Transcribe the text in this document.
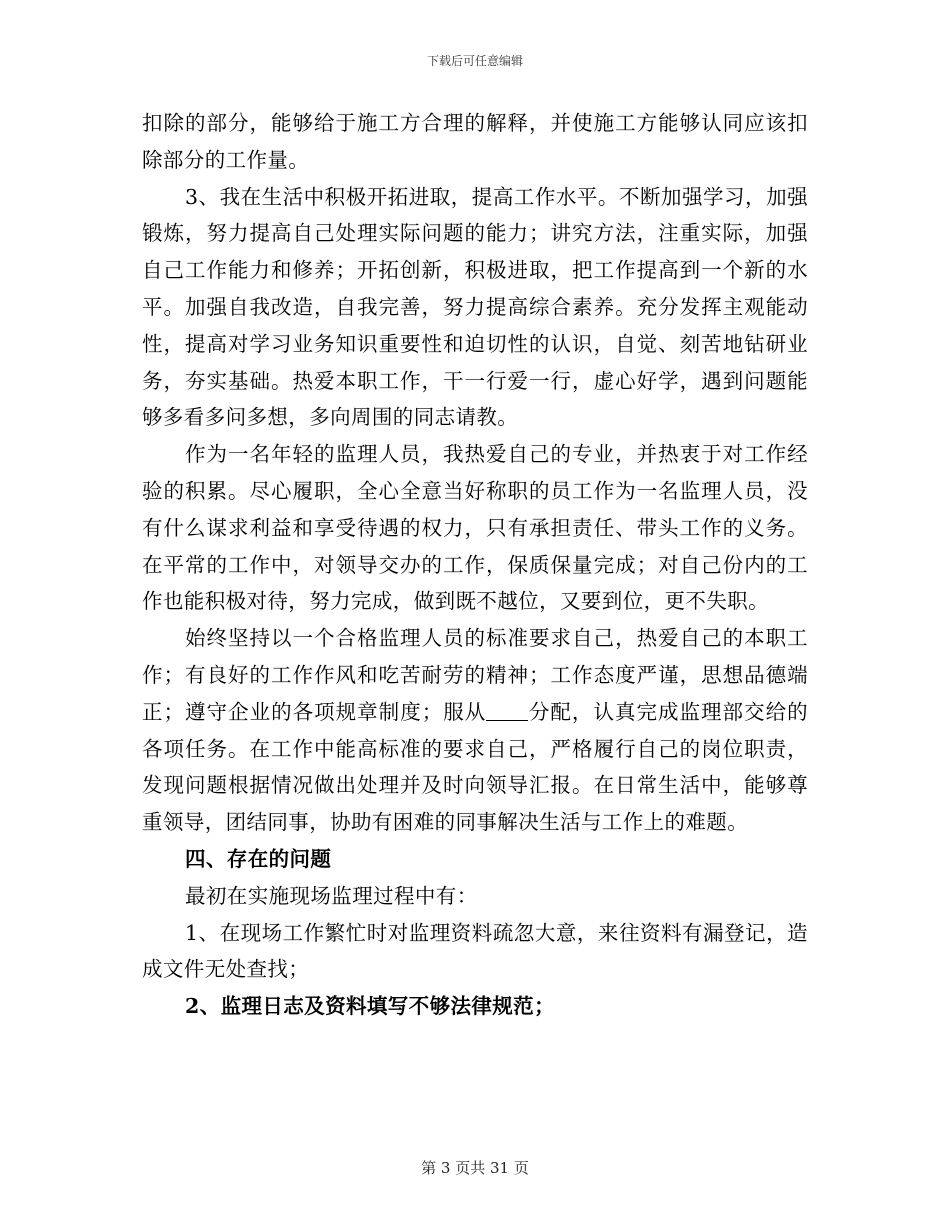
下载后可任意编辑

扣除的部分，能够给于施工方合理的解释，并使施工方能够认同应该扣除部分的工作量。

3、我在生活中积极开拓进取，提高工作水平。不断加强学习，加强锻炼，努力提高自己处理实际问题的能力；讲究方法，注重实际，加强自己工作能力和修养；开拓创新，积极进取，把工作提高到一个新的水平。加强自我改造，自我完善，努力提高综合素养。充分发挥主观能动性，提高对学习业务知识重要性和迫切性的认识，自觉、刻苦地钻研业务，夯实基础。热爱本职工作，干一行爱一行，虚心好学，遇到问题能够多看多问多想，多向周围的同志请教。

作为一名年轻的监理人员，我热爱自己的专业，并热衷于对工作经验的积累。尽心履职，全心全意当好称职的员工作为一名监理人员，没有什么谋求利益和享受待遇的权力，只有承担责任、带头工作的义务。在平常的工作中，对领导交办的工作，保质保量完成；对自己份内的工作也能积极对待，努力完成，做到既不越位，又要到位，更不失职。

始终坚持以一个合格监理人员的标准要求自己，热爱自己的本职工作；有良好的工作作风和吃苦耐劳的精神；工作态度严谨，思想品德端正；遵守企业的各项规章制度；服从 分配，认真完成监理部交给的各项任务。在工作中能高标准的要求自己，严格履行自己的岗位职责，发现问题根据情况做出处理并及时向领导汇报。在日常生活中，能够尊重领导，团结同事，协助有困难的同事解决生活与工作上的难题。

四、存在的问题

最初在实施现场监理过程中有：

1、在现场工作繁忙时对监理资料疏忽大意，来往资料有漏登记，造成文件无处查找；

2、监理日志及资料填写不够法律规范；

第 3 页共 31 页
